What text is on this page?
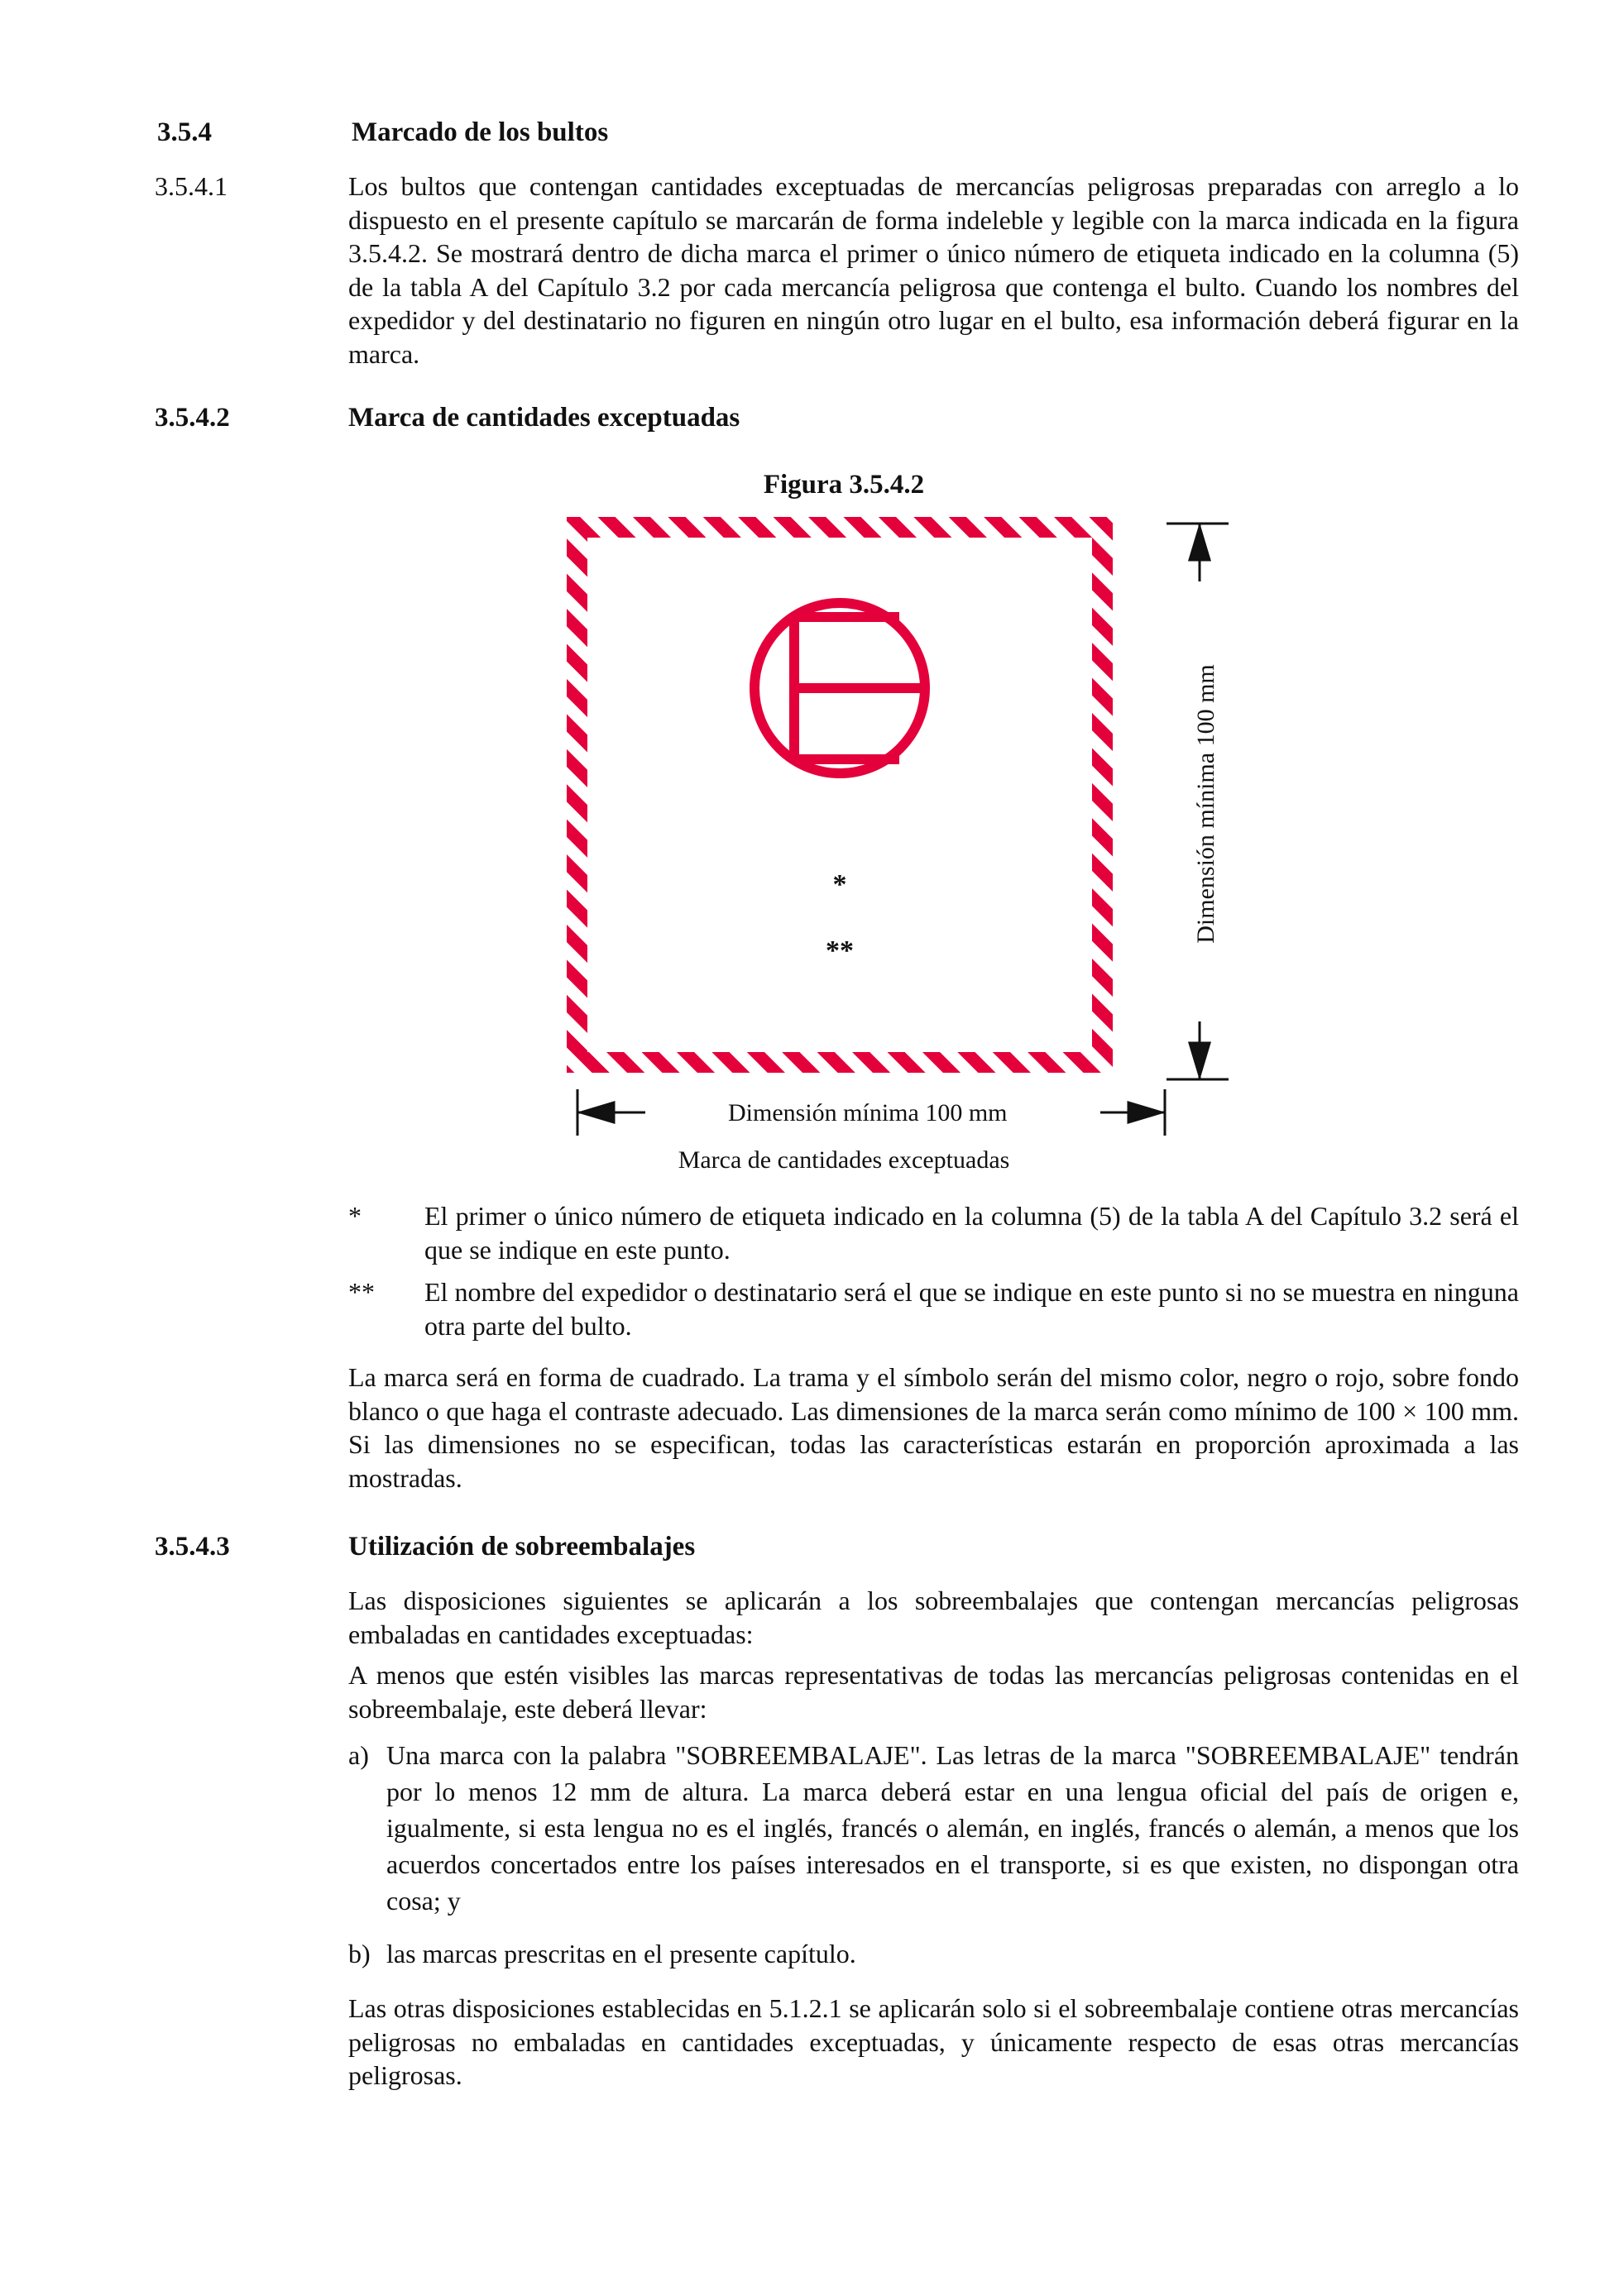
3.5.4	Marcado de los bultos
3.5.4.1	Los bultos que contengan cantidades exceptuadas de mercancías peligrosas preparadas con arreglo a lo dispuesto en el presente capítulo se marcarán de forma indeleble y legible con la marca indicada en la figura 3.5.4.2. Se mostrará dentro de dicha marca el primer o único número de etiqueta indicado en la columna (5) de la tabla A del Capítulo 3.2 por cada mercancía peligrosa que contenga el bulto. Cuando los nombres del expedidor y del destinatario no figuren en ningún otro lugar en el bulto, esa información deberá figurar en la marca.
3.5.4.2	Marca de cantidades exceptuadas
Figura 3.5.4.2
Dimensión mínima 100 mm
Dimensión mínima 100 mm
*
**
Marca de cantidades exceptuadas
* El primer o único número de etiqueta indicado en la columna (5) de la tabla A del Capítulo 3.2 será el que se indique en este punto.
** El nombre del expedidor o destinatario será el que se indique en este punto si no se muestra en ninguna otra parte del bulto.
La marca será en forma de cuadrado. La trama y el símbolo serán del mismo color, negro o rojo, sobre fondo blanco o que haga el contraste adecuado. Las dimensiones de la marca serán como mínimo de 100 × 100 mm. Si las dimensiones no se especifican, todas las características estarán en proporción aproximada a las mostradas.
3.5.4.3	Utilización de sobreembalajes
Las disposiciones siguientes se aplicarán a los sobreembalajes que contengan mercancías peligrosas embaladas en cantidades exceptuadas:
A menos que estén visibles las marcas representativas de todas las mercancías peligrosas contenidas en el sobreembalaje, este deberá llevar:
a) Una marca con la palabra "SOBREEMBALAJE". Las letras de la marca "SOBREEMBALAJE" tendrán por lo menos 12 mm de altura. La marca deberá estar en una lengua oficial del país de origen e, igualmente, si esta lengua no es el inglés, francés o alemán, en inglés, francés o alemán, a menos que los acuerdos concertados entre los países interesados en el transporte, si es que existen, no dispongan otra cosa; y
b) las marcas prescritas en el presente capítulo.
Las otras disposiciones establecidas en 5.1.2.1 se aplicarán solo si el sobreembalaje contiene otras mercancías peligrosas no embaladas en cantidades exceptuadas, y únicamente respecto de esas otras mercancías peligrosas.
